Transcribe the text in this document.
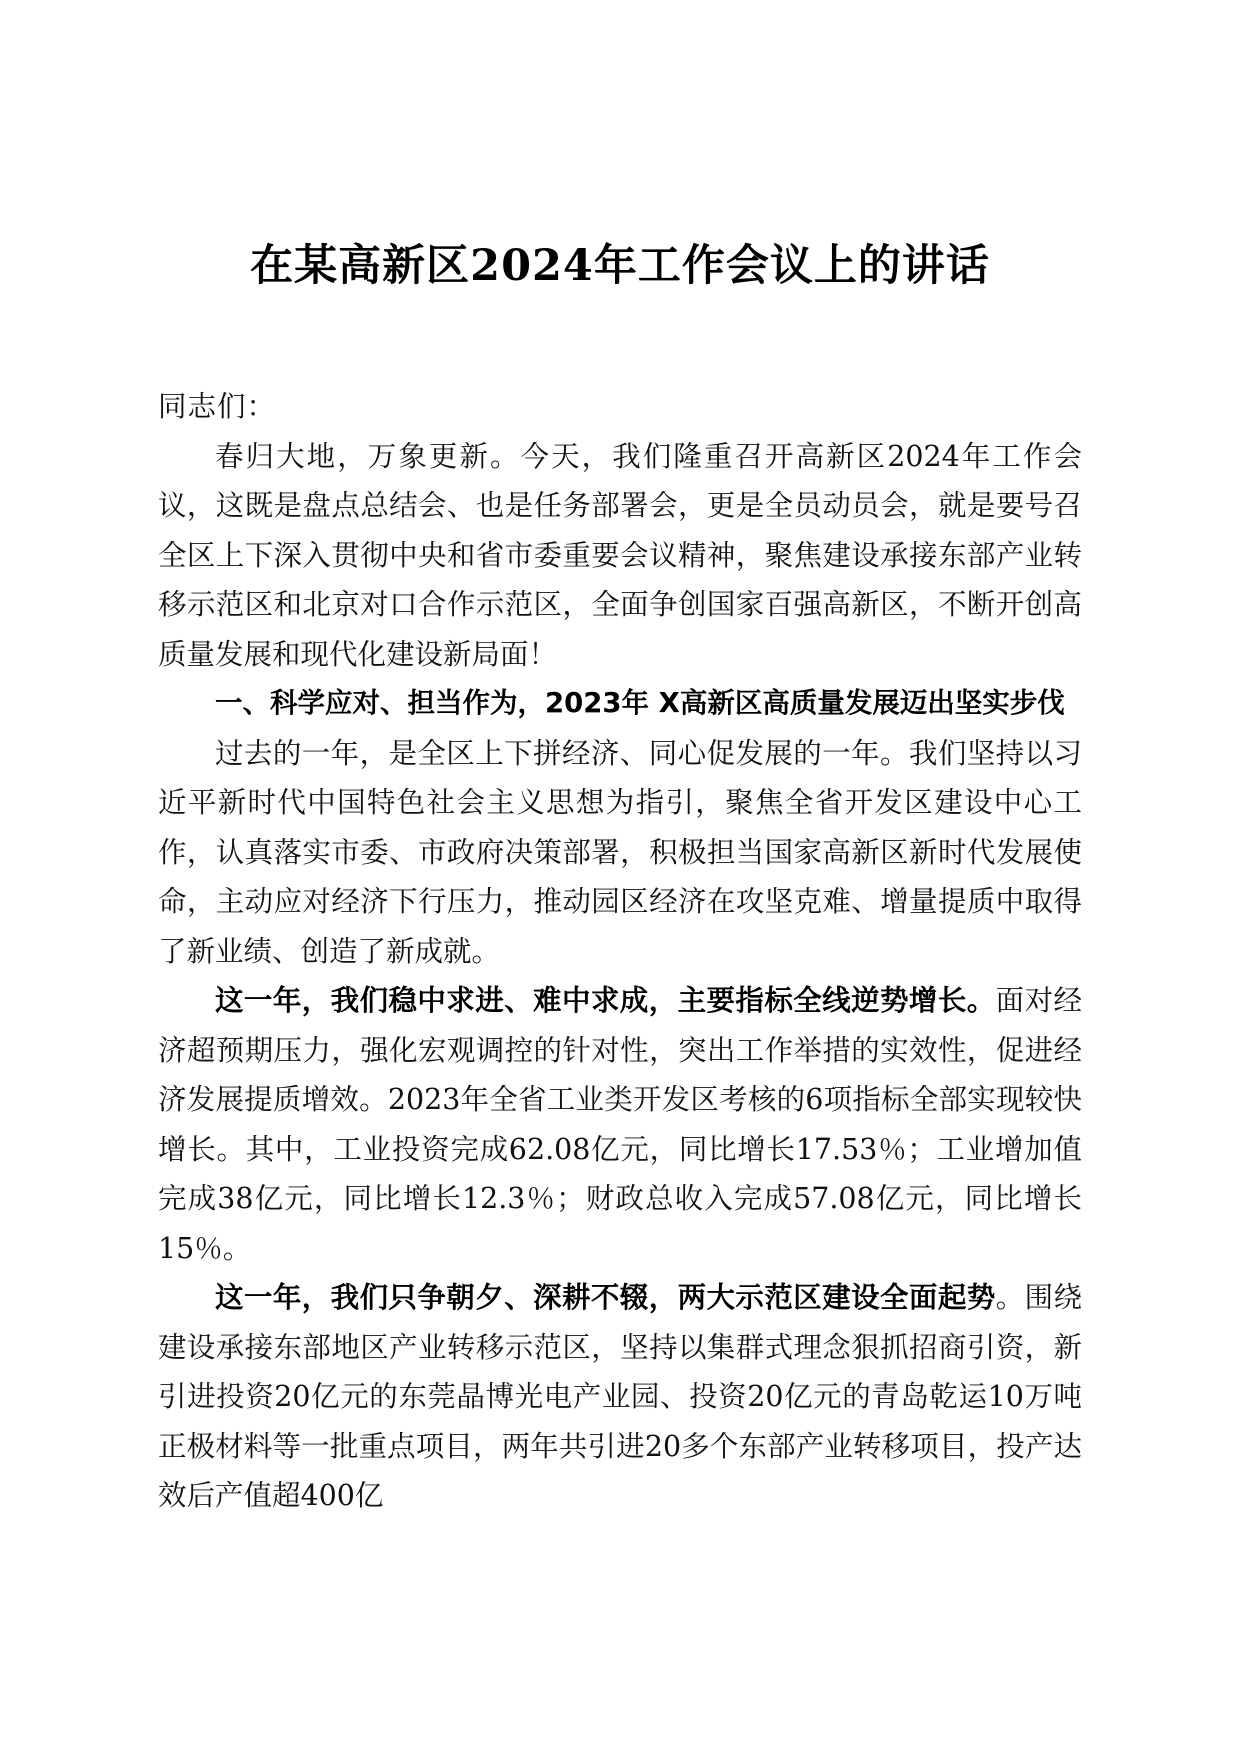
在某高新区2024年工作会议上的讲话

同志们：

春归大地，万象更新。今天，我们隆重召开高新区2024年工作会议，这既是盘点总结会、也是任务部署会，更是全员动员会，就是要号召全区上下深入贯彻中央和省市委重要会议精神，聚焦建设承接东部产业转移示范区和北京对口合作示范区，全面争创国家百强高新区，不断开创高质量发展和现代化建设新局面！

一、科学应对、担当作为，2023年 X高新区高质量发展迈出坚实步伐

过去的一年，是全区上下拼经济、同心促发展的一年。我们坚持以习近平新时代中国特色社会主义思想为指引，聚焦全省开发区建设中心工作，认真落实市委、市政府决策部署，积极担当国家高新区新时代发展使命，主动应对经济下行压力，推动园区经济在攻坚克难、增量提质中取得了新业绩、创造了新成就。

这一年，我们稳中求进、难中求成，主要指标全线逆势增长。面对经济超预期压力，强化宏观调控的针对性，突出工作举措的实效性，促进经济发展提质增效。2023年全省工业类开发区考核的6项指标全部实现较快增长。其中，工业投资完成62.08亿元，同比增长17.53％；工业增加值完成38亿元，同比增长12.3％；财政总收入完成57.08亿元，同比增长15％。

这一年，我们只争朝夕、深耕不辍，两大示范区建设全面起势。围绕建设承接东部地区产业转移示范区，坚持以集群式理念狠抓招商引资，新引进投资20亿元的东莞晶博光电产业园、投资20亿元的青岛乾运10万吨正极材料等一批重点项目，两年共引进20多个东部产业转移项目，投产达效后产值超400亿
